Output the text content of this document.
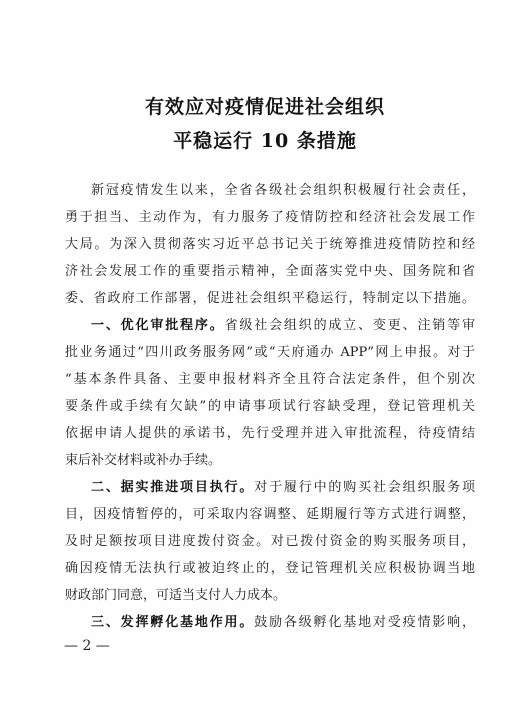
有效应对疫情促进社会组织
平稳运行 10 条措施
新冠疫情发生以来，全省各级社会组织积极履行社会责任，
勇于担当、主动作为，有力服务了疫情防控和经济社会发展工作
大局。为深入贯彻落实习近平总书记关于统筹推进疫情防控和经
济社会发展工作的重要指示精神，全面落实党中央、国务院和省
委、省政府工作部署，促进社会组织平稳运行，特制定以下措施。
一、优化审批程序。省级社会组织的成立、变更、注销等审
批业务通过“四川政务服务网”或“天府通办 APP”网上申报。对于
“基本条件具备、主要申报材料齐全且符合法定条件，但个别次
要条件或手续有欠缺”的申请事项试行容缺受理，登记管理机关
依据申请人提供的承诺书，先行受理并进入审批流程，待疫情结
束后补交材料或补办手续。
二、据实推进项目执行。对于履行中的购买社会组织服务项
目，因疫情暂停的，可采取内容调整、延期履行等方式进行调整，
及时足额按项目进度拨付资金。对已拨付资金的购买服务项目，
确因疫情无法执行或被迫终止的，登记管理机关应积极协调当地
财政部门同意，可适当支付人力成本。
三、发挥孵化基地作用。鼓励各级孵化基地对受疫情影响，
— 2 —
